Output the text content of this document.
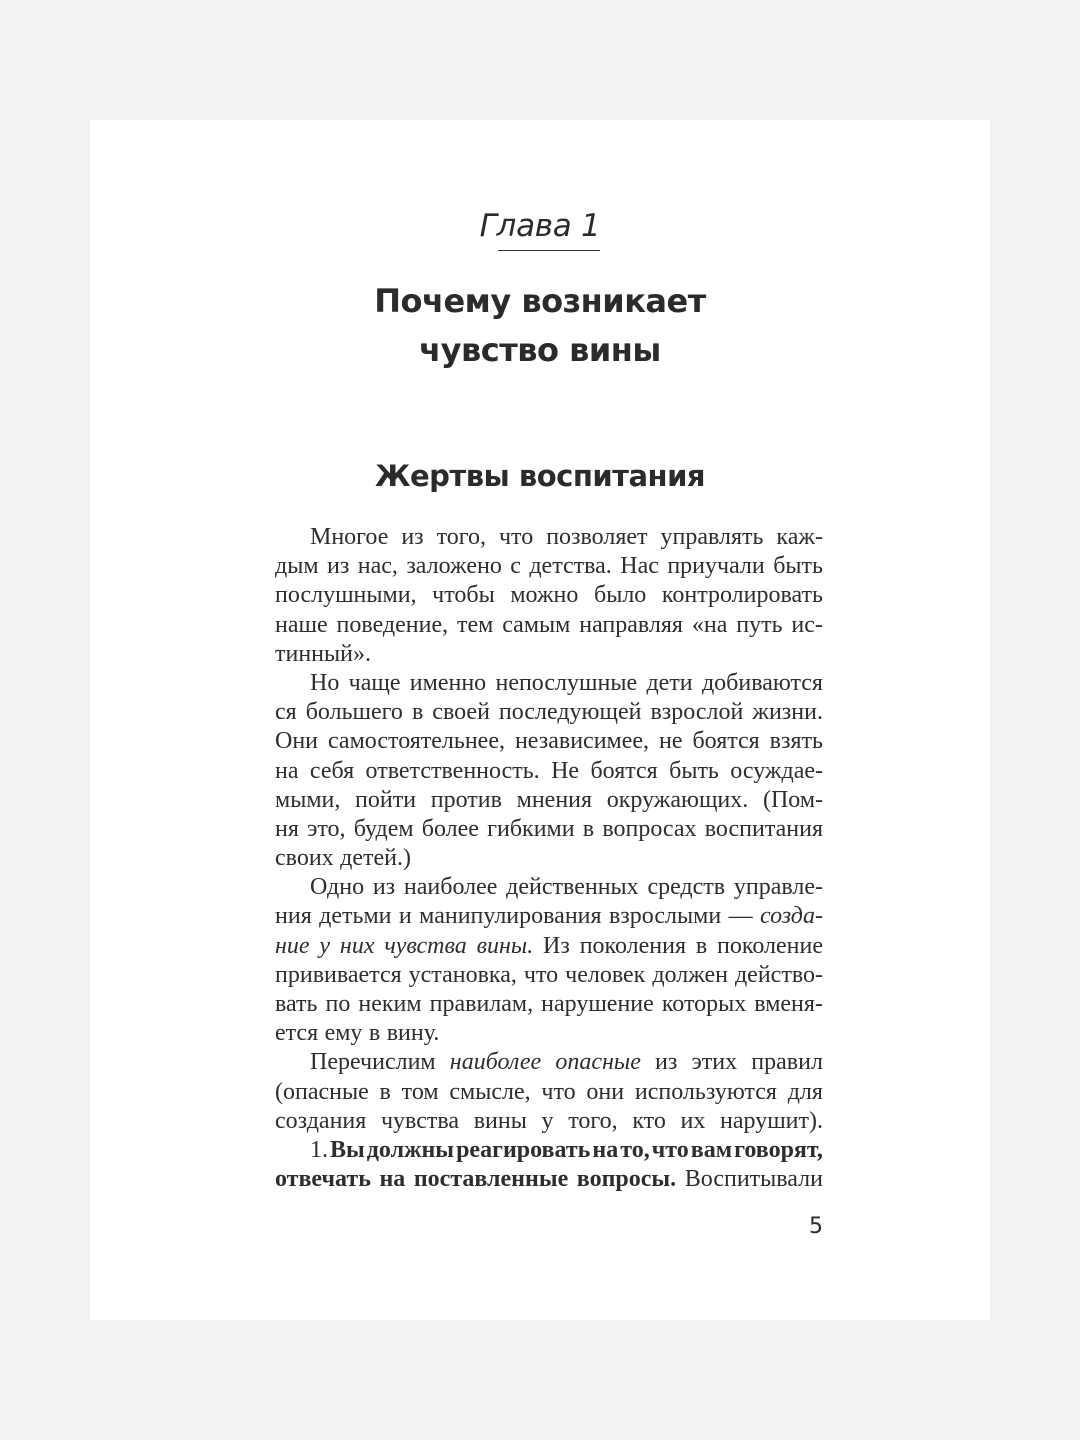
Глава 1
Почему возникает
чувство вины
Жертвы воспитания
Многое из того, что позволяет управлять каж-
дым из нас, заложено с детства. Нас приучали быть
послушными, чтобы можно было контролировать
наше поведение, тем самым направляя «на путь ис-
тинный».
Но чаще именно непослушные дети добиваются
ся большего в своей последующей взрослой жизни.
Они самостоятельнее, независимее, не боятся взять
на себя ответственность. Не боятся быть осуждае-
мыми, пойти против мнения окружающих. (Пом-
ня это, будем более гибкими в вопросах воспитания
своих детей.)
Одно из наиболее действенных средств управле-
ния детьми и манипулирования взрослыми — созда-
ние у них чувства вины. Из поколения в поколение
прививается установка, что человек должен действо-
вать по неким правилам, нарушение которых вменя-
ется ему в вину.
Перечислим наиболее опасные из этих правил
(опасные в том смысле, что они используются для
создания чувства вины у того, кто их нарушит).
1. Вы должны реагировать на то, что вам говорят,
отвечать на поставленные вопросы. Воспитывали
5
